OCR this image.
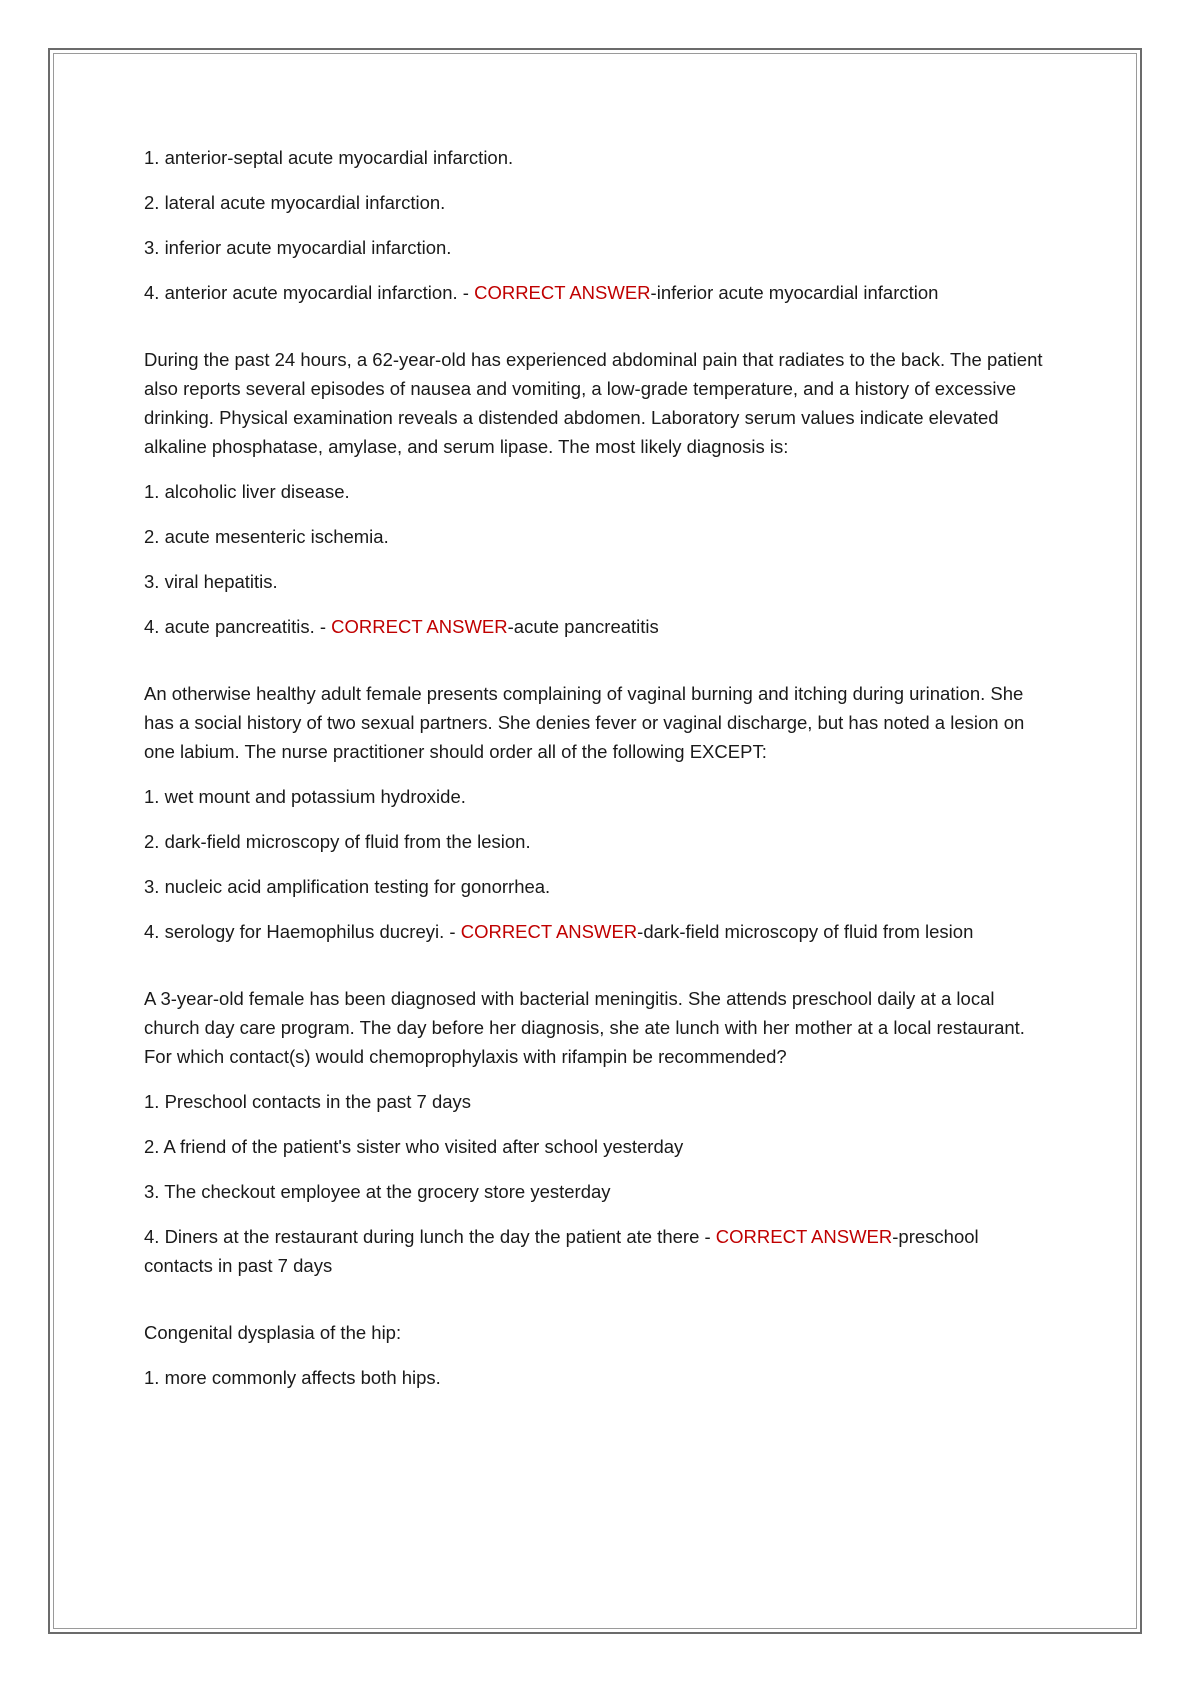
1. anterior-septal acute myocardial infarction.

2. lateral acute myocardial infarction.

3. inferior acute myocardial infarction.

4. anterior acute myocardial infarction. - CORRECT ANSWER-inferior acute myocardial infarction

During the past 24 hours, a 62-year-old has experienced abdominal pain that radiates to the back. The patient also reports several episodes of nausea and vomiting, a low-grade temperature, and a history of excessive drinking. Physical examination reveals a distended abdomen. Laboratory serum values indicate elevated alkaline phosphatase, amylase, and serum lipase. The most likely diagnosis is:

1. alcoholic liver disease.

2. acute mesenteric ischemia.

3. viral hepatitis.

4. acute pancreatitis. - CORRECT ANSWER-acute pancreatitis

An otherwise healthy adult female presents complaining of vaginal burning and itching during urination. She has a social history of two sexual partners. She denies fever or vaginal discharge, but has noted a lesion on one labium. The nurse practitioner should order all of the following EXCEPT:

1. wet mount and potassium hydroxide.

2. dark-field microscopy of fluid from the lesion.

3. nucleic acid amplification testing for gonorrhea.

4. serology for Haemophilus ducreyi. - CORRECT ANSWER-dark-field microscopy of fluid from lesion

A 3-year-old female has been diagnosed with bacterial meningitis. She attends preschool daily at a local church day care program. The day before her diagnosis, she ate lunch with her mother at a local restaurant. For which contact(s) would chemoprophylaxis with rifampin be recommended?

1. Preschool contacts in the past 7 days

2. A friend of the patient's sister who visited after school yesterday

3. The checkout employee at the grocery store yesterday

4. Diners at the restaurant during lunch the day the patient ate there - CORRECT ANSWER-preschool contacts in past 7 days

Congenital dysplasia of the hip:

1. more commonly affects both hips.
